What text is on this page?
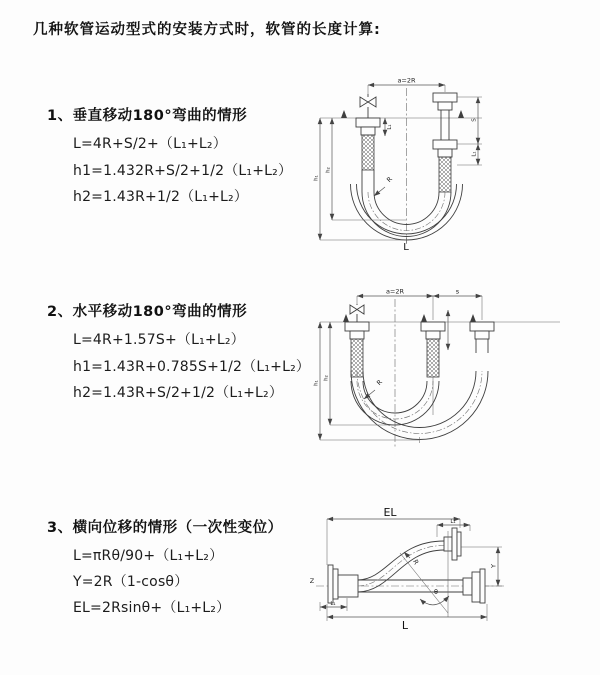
几种软管运动型式的安装方式时，软管的长度计算:
1、垂直移动180°弯曲的情形
L=4R+S/2+（L₁+L₂）
h1=1.432R+S/2+1/2（L₁+L₂）
h2=1.43R+1/2（L₁+L₂）
2、水平移动180°弯曲的情形
L=4R+1.57S+（L₁+L₂）
h1=1.43R+0.785S+1/2（L₁+L₂）
h2=1.43R+S/2+1/2（L₁+L₂）
3、横向位移的情形（一次性变位）
L=πRθ/90+（L₁+L₂）
Y=2R（1-cosθ）
EL=2Rsinθ+（L₁+L₂）
a=2R
R
h₁
h₂
S
L₁
L₁
L
a=2R	s
R
h₁
h₂
Z
EL
L₁
Y
θ
R
L₁
L
